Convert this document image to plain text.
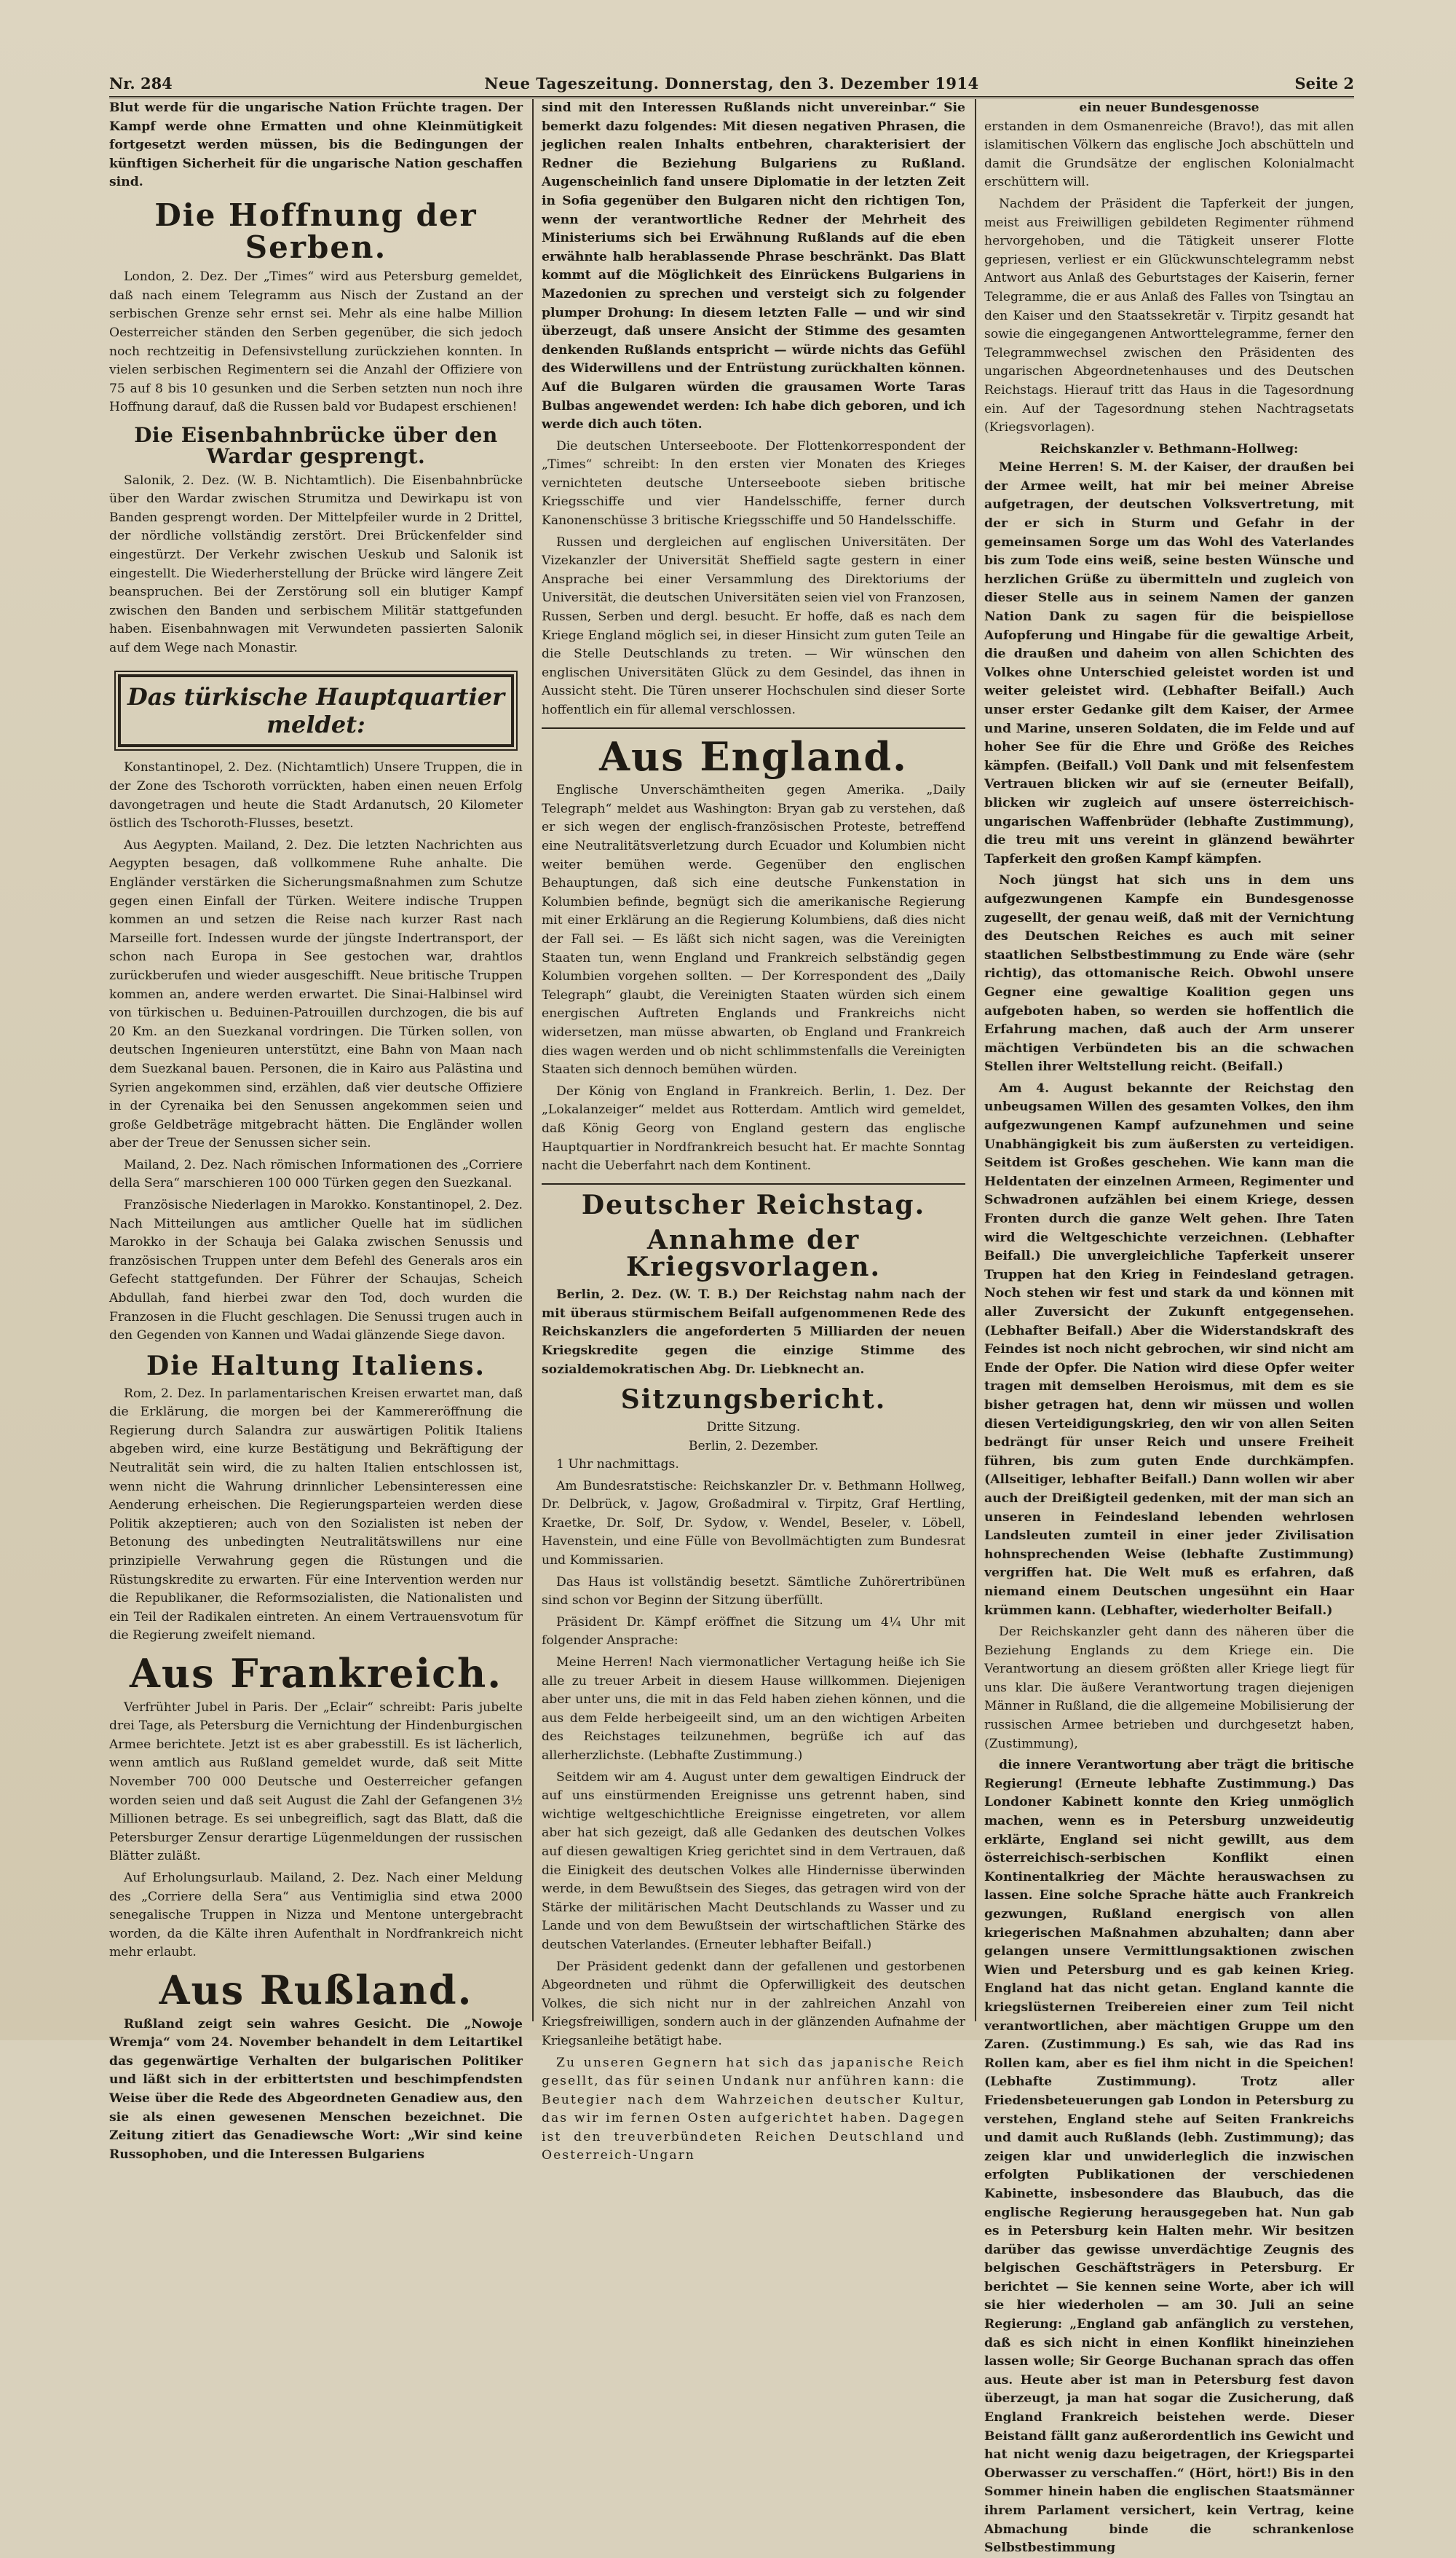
Nr. 284	Neue Tageszeitung. Donnerstag, den 3. Dezember 1914	Seite 2

Blut werde für die ungarische Nation Früchte tragen. Der Kampf werde ohne Ermatten und ohne Kleinmütigkeit fortgesetzt werden müssen, bis die Bedingungen der künftigen Sicherheit für die ungarische Nation geschaffen sind.

Die Hoffnung der Serben.

London, 2. Dez. Der „Times“ wird aus Petersburg gemeldet, daß nach einem Telegramm aus Nisch der Zustand an der serbischen Grenze sehr ernst sei. Mehr als eine halbe Million Oesterreicher ständen den Serben gegenüber, die sich jedoch noch rechtzeitig in Defensivstellung zurückziehen konnten. In vielen serbischen Regimentern sei die Anzahl der Offiziere von 75 auf 8 bis 10 gesunken und die Serben setzten nun noch ihre Hoffnung darauf, daß die Russen bald vor Budapest erschienen!

Die Eisenbahnbrücke über den Wardar gesprengt.

Salonik, 2. Dez. (W. B. Nichtamtlich). Die Eisenbahnbrücke über den Wardar zwischen Strumitza und Dewirkapu ist von Banden gesprengt worden. Der Mittelpfeiler wurde in 2 Drittel, der nördliche vollständig zerstört. Drei Brückenfelder sind eingestürzt. Der Verkehr zwischen Ueskub und Salonik ist eingestellt. Die Wiederherstellung der Brücke wird längere Zeit beanspruchen. Bei der Zerstörung soll ein blutiger Kampf zwischen den Banden und serbischem Militär stattgefunden haben. Eisenbahnwagen mit Verwundeten passierten Salonik auf dem Wege nach Monastir.

Das türkische Hauptquartier meldet:

Konstantinopel, 2. Dez. (Nichtamtlich) Unsere Truppen, die in der Zone des Tschoroth vorrückten, haben einen neuen Erfolg davongetragen und heute die Stadt Ardanutsch, 20 Kilometer östlich des Tschoroth-Flusses, besetzt.

Aus Aegypten. Mailand, 2. Dez. Die letzten Nachrichten aus Aegypten besagen, daß vollkommene Ruhe anhalte. Die Engländer verstärken die Sicherungsmaßnahmen zum Schutze gegen einen Einfall der Türken. Weitere indische Truppen kommen an und setzen die Reise nach kurzer Rast nach Marseille fort. Indessen wurde der jüngste Indertransport, der schon nach Europa in See gestochen war, drahtlos zurückberufen und wieder ausgeschifft. Neue britische Truppen kommen an, andere werden erwartet. Die Sinai-Halbinsel wird von türkischen u. Beduinen-Patrouillen durchzogen, die bis auf 20 Km. an den Suezkanal vordringen. Die Türken sollen, von deutschen Ingenieuren unterstützt, eine Bahn von Maan nach dem Suezkanal bauen. Personen, die in Kairo aus Palästina und Syrien angekommen sind, erzählen, daß vier deutsche Offiziere in der Cyrenaika bei den Senussen angekommen seien und große Geldbeträge mitgebracht hätten. Die Engländer wollen aber der Treue der Senussen sicher sein.

Mailand, 2. Dez. Nach römischen Informationen des „Corriere della Sera“ marschieren 100 000 Türken gegen den Suezkanal.

Französische Niederlagen in Marokko. Konstantinopel, 2. Dez. Nach Mitteilungen aus amtlicher Quelle hat im südlichen Marokko in der Schauja bei Galaka zwischen Senussis und französischen Truppen unter dem Befehl des Generals aros ein Gefecht stattgefunden. Der Führer der Schaujas, Scheich Abdullah, fand hierbei zwar den Tod, doch wurden die Franzosen in die Flucht geschlagen. Die Senussi trugen auch in den Gegenden von Kannen und Wadai glänzende Siege davon.

Die Haltung Italiens.

Rom, 2. Dez. In parlamentarischen Kreisen erwartet man, daß die Erklärung, die morgen bei der Kammereröffnung die Regierung durch Salandra zur auswärtigen Politik Italiens abgeben wird, eine kurze Bestätigung und Bekräftigung der Neutralität sein wird, die zu halten Italien entschlossen ist, wenn nicht die Wahrung drinnlicher Lebensinteressen eine Aenderung erheischen. Die Regierungsparteien werden diese Politik akzeptieren; auch von den Sozialisten ist neben der Betonung des unbedingten Neutralitätswillens nur eine prinzipielle Verwahrung gegen die Rüstungen und die Rüstungskredite zu erwarten. Für eine Intervention werden nur die Republikaner, die Reformsozialisten, die Nationalisten und ein Teil der Radikalen eintreten. An einem Vertrauensvotum für die Regierung zweifelt niemand.

Aus Frankreich.

Verfrühter Jubel in Paris. Der „Eclair“ schreibt: Paris jubelte drei Tage, als Petersburg die Vernichtung der Hindenburgischen Armee berichtete. Jetzt ist es aber grabesstill. Es ist lächerlich, wenn amtlich aus Rußland gemeldet wurde, daß seit Mitte November 700 000 Deutsche und Oesterreicher gefangen worden seien und daß seit August die Zahl der Gefangenen 3½ Millionen betrage. Es sei unbegreiflich, sagt das Blatt, daß die Petersburger Zensur derartige Lügenmeldungen der russischen Blätter zuläßt.

Auf Erholungsurlaub. Mailand, 2. Dez. Nach einer Meldung des „Corriere della Sera“ aus Ventimiglia sind etwa 2000 senegalische Truppen in Nizza und Mentone untergebracht worden, da die Kälte ihren Aufenthalt in Nordfrankreich nicht mehr erlaubt.

Aus Rußland.

Rußland zeigt sein wahres Gesicht. Die „Nowoje Wremja“ vom 24. November behandelt in dem Leitartikel das gegenwärtige Verhalten der bulgarischen Politiker und läßt sich in der erbittertsten und beschimpfendsten Weise über die Rede des Abgeordneten Genadiew aus, den sie als einen gewesenen Menschen bezeichnet. Die Zeitung zitiert das Genadiewsche Wort: „Wir sind keine Russophoben, und die Interessen Bulgariens

sind mit den Interessen Rußlands nicht unvereinbar.“ Sie bemerkt dazu folgendes: Mit diesen negativen Phrasen, die jeglichen realen Inhalts entbehren, charakterisiert der Redner die Beziehung Bulgariens zu Rußland. Augenscheinlich fand unsere Diplomatie in der letzten Zeit in Sofia gegenüber den Bulgaren nicht den richtigen Ton, wenn der verantwortliche Redner der Mehrheit des Ministeriums sich bei Erwähnung Rußlands auf die eben erwähnte halb herablassende Phrase beschränkt. Das Blatt kommt auf die Möglichkeit des Einrückens Bulgariens in Mazedonien zu sprechen und versteigt sich zu folgender plumper Drohung: In diesem letzten Falle — und wir sind überzeugt, daß unsere Ansicht der Stimme des gesamten denkenden Rußlands entspricht — würde nichts das Gefühl des Widerwillens und der Entrüstung zurückhalten können. Auf die Bulgaren würden die grausamen Worte Taras Bulbas angewendet werden: Ich habe dich geboren, und ich werde dich auch töten.

Die deutschen Unterseeboote. Der Flottenkorrespondent der „Times“ schreibt: In den ersten vier Monaten des Krieges vernichteten deutsche Unterseeboote sieben britische Kriegsschiffe und vier Handelsschiffe, ferner durch Kanonenschüsse 3 britische Kriegsschiffe und 50 Handelsschiffe.

Russen und dergleichen auf englischen Universitäten. Der Vizekanzler der Universität Sheffield sagte gestern in einer Ansprache bei einer Versammlung des Direktoriums der Universität, die deutschen Universitäten seien viel von Franzosen, Russen, Serben und dergl. besucht. Er hoffe, daß es nach dem Kriege England möglich sei, in dieser Hinsicht zum guten Teile an die Stelle Deutschlands zu treten. — Wir wünschen den englischen Universitäten Glück zu dem Gesindel, das ihnen in Aussicht steht. Die Türen unserer Hochschulen sind dieser Sorte hoffentlich ein für allemal verschlossen.

Aus England.

Englische Unverschämtheiten gegen Amerika. „Daily Telegraph“ meldet aus Washington: Bryan gab zu verstehen, daß er sich wegen der englisch-französischen Proteste, betreffend eine Neutralitätsverletzung durch Ecuador und Kolumbien nicht weiter bemühen werde. Gegenüber den englischen Behauptungen, daß sich eine deutsche Funkenstation in Kolumbien befinde, begnügt sich die amerikanische Regierung mit einer Erklärung an die Regierung Kolumbiens, daß dies nicht der Fall sei. — Es läßt sich nicht sagen, was die Vereinigten Staaten tun, wenn England und Frankreich selbständig gegen Kolumbien vorgehen sollten. — Der Korrespondent des „Daily Telegraph“ glaubt, die Vereinigten Staaten würden sich einem energischen Auftreten Englands und Frankreichs nicht widersetzen, man müsse abwarten, ob England und Frankreich dies wagen werden und ob nicht schlimmstenfalls die Vereinigten Staaten sich dennoch bemühen würden.

Der König von England in Frankreich. Berlin, 1. Dez. Der „Lokalanzeiger“ meldet aus Rotterdam. Amtlich wird gemeldet, daß König Georg von England gestern das englische Hauptquartier in Nordfrankreich besucht hat. Er machte Sonntag nacht die Ueberfahrt nach dem Kontinent.

Deutscher Reichstag.
Annahme der Kriegsvorlagen.

Berlin, 2. Dez. (W. T. B.) Der Reichstag nahm nach der mit überaus stürmischem Beifall aufgenommenen Rede des Reichskanzlers die angeforderten 5 Milliarden der neuen Kriegskredite gegen die einzige Stimme des sozialdemokratischen Abg. Dr. Liebknecht an.

Sitzungsbericht.

Dritte Sitzung.

Berlin, 2. Dezember.

1 Uhr nachmittags.

Am Bundesratstische: Reichskanzler Dr. v. Bethmann Hollweg, Dr. Delbrück, v. Jagow, Großadmiral v. Tirpitz, Graf Hertling, Kraetke, Dr. Solf, Dr. Sydow, v. Wendel, Beseler, v. Löbell, Havenstein, und eine Fülle von Bevollmächtigten zum Bundesrat und Kommissarien.

Das Haus ist vollständig besetzt. Sämtliche Zuhörertribünen sind schon vor Beginn der Sitzung überfüllt.

Präsident Dr. Kämpf eröffnet die Sitzung um 4¼ Uhr mit folgender Ansprache:

Meine Herren! Nach viermonatlicher Vertagung heiße ich Sie alle zu treuer Arbeit in diesem Hause willkommen. Diejenigen aber unter uns, die mit in das Feld haben ziehen können, und die aus dem Felde herbeigeeilt sind, um an den wichtigen Arbeiten des Reichstages teilzunehmen, begrüße ich auf das allerherzlichste. (Lebhafte Zustimmung.)

Seitdem wir am 4. August unter dem gewaltigen Eindruck der auf uns einstürmenden Ereignisse uns getrennt haben, sind wichtige weltgeschichtliche Ereignisse eingetreten, vor allem aber hat sich gezeigt, daß alle Gedanken des deutschen Volkes auf diesen gewaltigen Krieg gerichtet sind in dem Vertrauen, daß die Einigkeit des deutschen Volkes alle Hindernisse überwinden werde, in dem Bewußtsein des Sieges, das getragen wird von der Stärke der militärischen Macht Deutschlands zu Wasser und zu Lande und von dem Bewußtsein der wirtschaftlichen Stärke des deutschen Vaterlandes. (Erneuter lebhafter Beifall.)

Der Präsident gedenkt dann der gefallenen und gestorbenen Abgeordneten und rühmt die Opferwilligkeit des deutschen Volkes, die sich nicht nur in der zahlreichen Anzahl von Kriegsfreiwilligen, sondern auch in der glänzenden Aufnahme der Kriegsanleihe betätigt habe.

Zu unseren Gegnern hat sich das japanische Reich gesellt, das für seinen Undank nur anführen kann: die Beutegier nach dem Wahrzeichen deutscher Kultur, das wir im fernen Osten aufgerichtet haben. Dagegen ist den treuverbündeten Reichen Deutschland und Oesterreich-Ungarn

ein neuer Bundesgenosse

erstanden in dem Osmanenreiche (Bravo!), das mit allen islamitischen Völkern das englische Joch abschütteln und damit die Grundsätze der englischen Kolonialmacht erschüttern will.

Nachdem der Präsident die Tapferkeit der jungen, meist aus Freiwilligen gebildeten Regimenter rühmend hervorgehoben, und die Tätigkeit unserer Flotte gepriesen, verliest er ein Glückwunschtelegramm nebst Antwort aus Anlaß des Geburtstages der Kaiserin, ferner Telegramme, die er aus Anlaß des Falles von Tsingtau an den Kaiser und den Staatssekretär v. Tirpitz gesandt hat sowie die eingegangenen Antworttelegramme, ferner den Telegrammwechsel zwischen den Präsidenten des ungarischen Abgeordnetenhauses und des Deutschen Reichstags. Hierauf tritt das Haus in die Tagesordnung ein. Auf der Tagesordnung stehen Nachtragsetats (Kriegsvorlagen).

Reichskanzler v. Bethmann-Hollweg:

Meine Herren! S. M. der Kaiser, der draußen bei der Armee weilt, hat mir bei meiner Abreise aufgetragen, der deutschen Volksvertretung, mit der er sich in Sturm und Gefahr in der gemeinsamen Sorge um das Wohl des Vaterlandes bis zum Tode eins weiß, seine besten Wünsche und herzlichen Grüße zu übermitteln und zugleich von dieser Stelle aus in seinem Namen der ganzen Nation Dank zu sagen für die beispiellose Aufopferung und Hingabe für die gewaltige Arbeit, die draußen und daheim von allen Schichten des Volkes ohne Unterschied geleistet worden ist und weiter geleistet wird. (Lebhafter Beifall.) Auch unser erster Gedanke gilt dem Kaiser, der Armee und Marine, unseren Soldaten, die im Felde und auf hoher See für die Ehre und Größe des Reiches kämpfen. (Beifall.) Voll Dank und mit felsenfestem Vertrauen blicken wir auf sie (erneuter Beifall), blicken wir zugleich auf unsere österreichisch-ungarischen Waffenbrüder (lebhafte Zustimmung), die treu mit uns vereint in glänzend bewährter Tapferkeit den großen Kampf kämpfen.

Noch jüngst hat sich uns in dem uns aufgezwungenen Kampfe ein Bundesgenosse zugesellt, der genau weiß, daß mit der Vernichtung des Deutschen Reiches es auch mit seiner staatlichen Selbstbestimmung zu Ende wäre (sehr richtig), das ottomanische Reich. Obwohl unsere Gegner eine gewaltige Koalition gegen uns aufgeboten haben, so werden sie hoffentlich die Erfahrung machen, daß auch der Arm unserer mächtigen Verbündeten bis an die schwachen Stellen ihrer Weltstellung reicht. (Beifall.)

Am 4. August bekannte der Reichstag den unbeugsamen Willen des gesamten Volkes, den ihm aufgezwungenen Kampf aufzunehmen und seine Unabhängigkeit bis zum äußersten zu verteidigen. Seitdem ist Großes geschehen. Wie kann man die Heldentaten der einzelnen Armeen, Regimenter und Schwadronen aufzählen bei einem Kriege, dessen Fronten durch die ganze Welt gehen. Ihre Taten wird die Weltgeschichte verzeichnen. (Lebhafter Beifall.) Die unvergleichliche Tapferkeit unserer Truppen hat den Krieg in Feindesland getragen. Noch stehen wir fest und stark da und können mit aller Zuversicht der Zukunft entgegensehen. (Lebhafter Beifall.) Aber die Widerstandskraft des Feindes ist noch nicht gebrochen, wir sind nicht am Ende der Opfer. Die Nation wird diese Opfer weiter tragen mit demselben Heroismus, mit dem es sie bisher getragen hat, denn wir müssen und wollen diesen Verteidigungskrieg, den wir von allen Seiten bedrängt für unser Reich und unsere Freiheit führen, bis zum guten Ende durchkämpfen. (Allseitiger, lebhafter Beifall.) Dann wollen wir aber auch der Dreißigteil gedenken, mit der man sich an unseren in Feindesland lebenden wehrlosen Landsleuten zumteil in einer jeder Zivilisation hohnsprechenden Weise (lebhafte Zustimmung) vergriffen hat. Die Welt muß es erfahren, daß niemand einem Deutschen ungesühnt ein Haar krümmen kann. (Lebhafter, wiederholter Beifall.)

Der Reichskanzler geht dann des näheren über die Beziehung Englands zu dem Kriege ein. Die Verantwortung an diesem größten aller Kriege liegt für uns klar. Die äußere Verantwortung tragen diejenigen Männer in Rußland, die die allgemeine Mobilisierung der russischen Armee betrieben und durchgesetzt haben, (Zustimmung),

die innere Verantwortung aber trägt die britische Regierung! (Erneute lebhafte Zustimmung.) Das Londoner Kabinett konnte den Krieg unmöglich machen, wenn es in Petersburg unzweideutig erklärte, England sei nicht gewillt, aus dem österreichisch-serbischen Konflikt einen Kontinentalkrieg der Mächte herauswachsen zu lassen. Eine solche Sprache hätte auch Frankreich gezwungen, Rußland energisch von allen kriegerischen Maßnahmen abzuhalten; dann aber gelangen unsere Vermittlungsaktionen zwischen Wien und Petersburg und es gab keinen Krieg. England hat das nicht getan. England kannte die kriegslüsternen Treibereien einer zum Teil nicht verantwortlichen, aber mächtigen Gruppe um den Zaren. (Zustimmung.) Es sah, wie das Rad ins Rollen kam, aber es fiel ihm nicht in die Speichen! (Lebhafte Zustimmung). Trotz aller Friedensbeteuerungen gab London in Petersburg zu verstehen, England stehe auf Seiten Frankreichs und damit auch Rußlands (lebh. Zustimmung); das zeigen klar und unwiderleglich die inzwischen erfolgten Publikationen der verschiedenen Kabinette, insbesondere das Blaubuch, das die englische Regierung herausgegeben hat. Nun gab es in Petersburg kein Halten mehr. Wir besitzen darüber das gewisse unverdächtige Zeugnis des belgischen Geschäftsträgers in Petersburg. Er berichtet — Sie kennen seine Worte, aber ich will sie hier wiederholen — am 30. Juli an seine Regierung: „England gab anfänglich zu verstehen, daß es sich nicht in einen Konflikt hineinziehen lassen wolle; Sir George Buchanan sprach das offen aus. Heute aber ist man in Petersburg fest davon überzeugt, ja man hat sogar die Zusicherung, daß England Frankreich beistehen werde. Dieser Beistand fällt ganz außerordentlich ins Gewicht und hat nicht wenig dazu beigetragen, der Kriegspartei Oberwasser zu verschaffen.“ (Hört, hört!) Bis in den Sommer hinein haben die englischen Staatsmänner ihrem Parlament versichert, kein Vertrag, keine Abmachung binde die schrankenlose Selbstbestimmung
